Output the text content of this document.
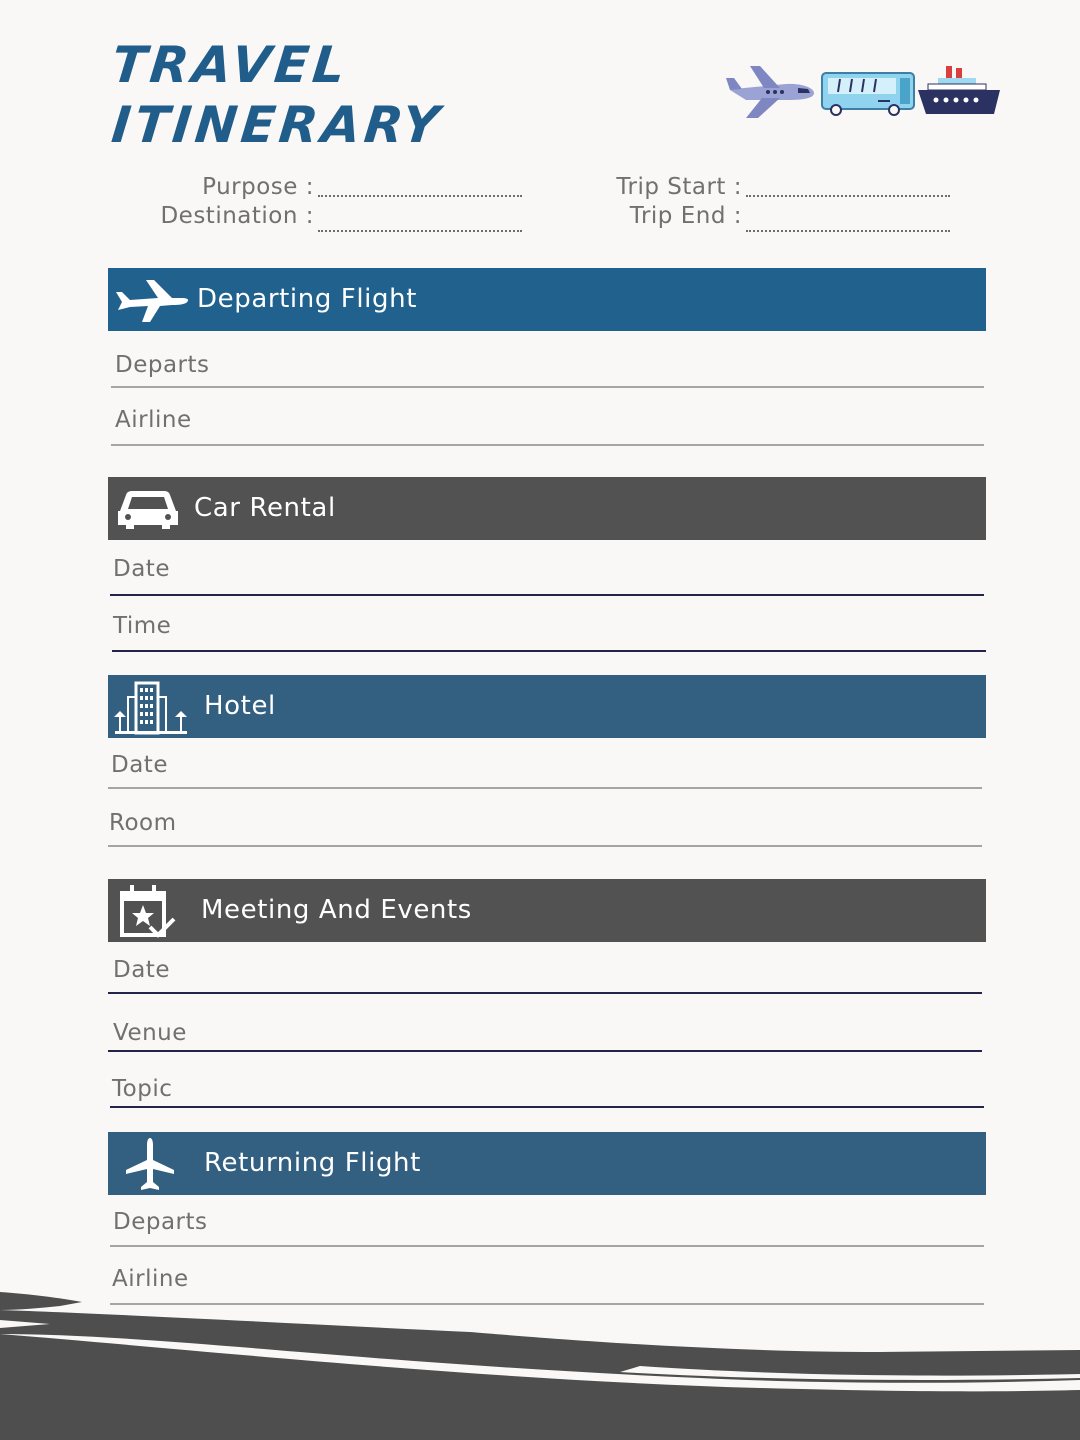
TRAVEL
ITINERARY
Purpose :
Destination :
Trip Start :
Trip End :
Departing Flight
Departs
Airline
Car Rental
Date
Time
Hotel
Date
Room
Meeting And Events
Date
Venue
Topic
Returning Flight
Departs
Airline
